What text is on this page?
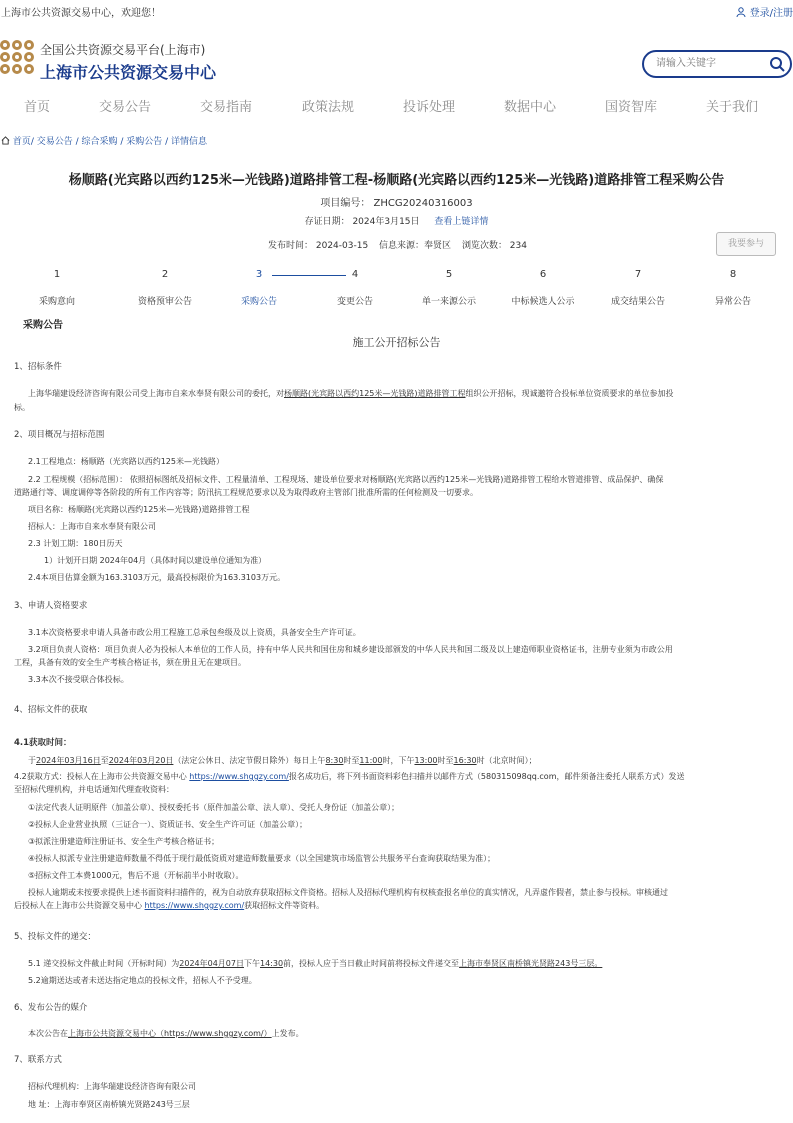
上海市公共资源交易中心，欢迎您！	登录/注册
全国公共资源交易平台(上海市)
上海市公共资源交易中心
请输入关键字
首页	交易公告	交易指南	政策法规	投诉处理	数据中心	国资智库	关于我们
首页/ 交易公告 / 综合采购 / 采购公告 / 详情信息
杨顺路(光宾路以西约125米—光钱路)道路排管工程-杨顺路(光宾路以西约125米—光钱路)道路排管工程采购公告
项目编号： ZHCG20240316003
存证日期： 2024年3月15日 查看上链详情
发布时间： 2024-03-15 信息来源：奉贤区 浏览次数： 234	我要参与
1
采购意向
2
资格预审公告
3
采购公告
4
变更公告
5
单一来源公示
6
中标候选人公示
7
成交结果公告
8
异常公告
采购公告
施工公开招标公告

1、招标条件

上海华瑞建设经济咨询有限公司受上海市自来水奉贤有限公司的委托，对杨顺路(光宾路以西约125米—光钱路)道路排管工程组织公开招标，现诚邀符合投标单位资质要求的单位参加投

标。

2、项目概况与招标范围

2.1工程地点：杨顺路（光宾路以西约125米—光钱路）

2.2 工程规模（招标范围）： 依照招标图纸及招标文件、工程量清单、工程现场、建设单位要求对杨顺路(光宾路以西约125米—光钱路)道路排管工程给水管道排管、成品保护、确保

道路通行等、调度调停等各阶段的所有工作内容等；防汛抗工程规范要求以及为取得政府主管部门批准所需的任何检测及一切要求。

项目名称：杨顺路(光宾路以西约125米—光钱路)道路排管工程

招标人：上海市自来水奉贤有限公司

2.3 计划工期：180日历天

1）计划开日期 2024年04月（具体时间以建设单位通知为准）

2.4本项目估算金额为163.3103万元，最高投标限价为163.3103万元。

3、申请人资格要求

3.1本次资格要求申请人具备市政公用工程施工总承包叁级及以上资质，具备安全生产许可证。

3.2项目负责人资格：项目负责人必为投标人本单位的工作人员，持有中华人民共和国住房和城乡建设部颁发的中华人民共和国二级及以上建造师职业资格证书，注册专业须为市政公用

工程，具备有效的安全生产考核合格证书，须在册且无在建项目。

3.3本次不接受联合体投标。

4、招标文件的获取

4.1获取时间：

于2024年03月16日至2024年03月20日（法定公休日、法定节假日除外）每日上午8:30时至11:00时，下午13:00时至16:30时（北京时间）；

4.2获取方式：投标人在上海市公共资源交易中心 https://www.shggzy.com/报名成功后，将下列书面资料彩色扫描并以邮件方式（580315098qq.com，邮件须备注委托人联系方式）发送

至招标代理机构，并电话通知代理查收资料：

①法定代表人证明原件（加盖公章）、授权委托书（原件加盖公章、法人章）、受托人身份证（加盖公章）；

②投标人企业营业执照（三证合一）、资质证书、安全生产许可证（加盖公章）；

③拟派注册建造师注册证书、安全生产考核合格证书；

④投标人拟派专业注册建造师数量不得低于现行最低资质对建造师数量要求（以全国建筑市场监管公共服务平台查询获取结果为准）；

⑤招标文件工本费1000元，售后不退（开标前半小时收取）。

投标人逾期或未按要求提供上述书面资料扫描件的，视为自动放弃获取招标文件资格。招标人及招标代理机构有权核查报名单位的真实情况，凡弄虚作假者，禁止参与投标。审核通过

后投标人在上海市公共资源交易中心 https://www.shggzy.com/获取招标文件等资料。

5、投标文件的递交：

5.1 递交投标文件截止时间（开标时间）为2024年04月07日下午14:30前，投标人应于当日截止时间前将投标文件递交至上海市奉贤区南桥镇光贤路243号三层。

5.2逾期送达或者未送达指定地点的投标文件，招标人不予受理。

6、发布公告的媒介

本次公告在上海市公共资源交易中心（https://www.shggzy.com/）上发布。

7、联系方式

招标代理机构：上海华瑞建设经济咨询有限公司

地 址：上海市奉贤区南桥镇光贤路243号三层
